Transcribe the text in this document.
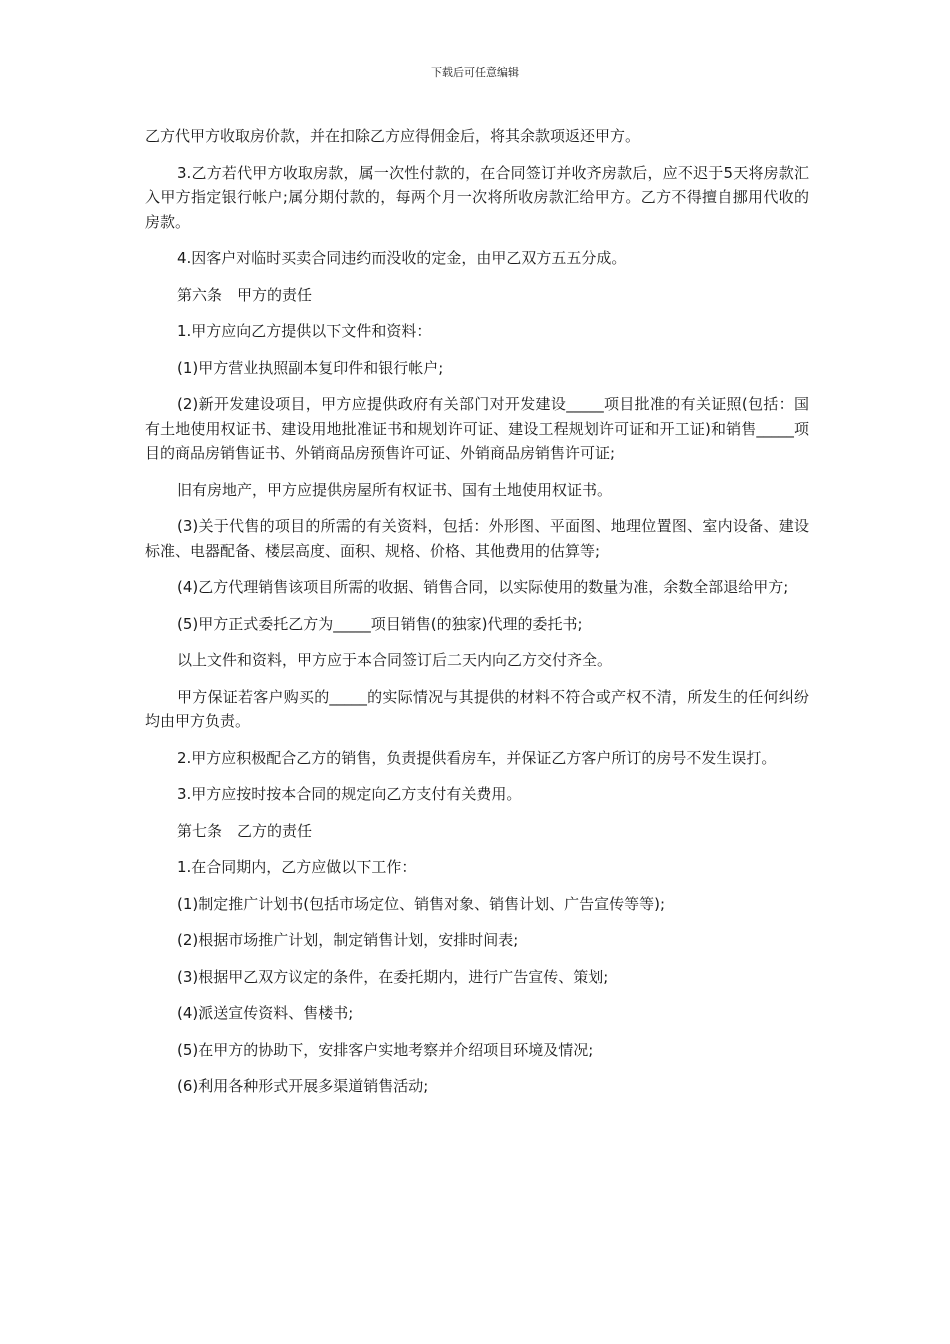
下载后可任意编辑

乙方代甲方收取房价款，并在扣除乙方应得佣金后，将其余款项返还甲方。

3.乙方若代甲方收取房款，属一次性付款的，在合同签订并收齐房款后，应不迟于5天将房款汇入甲方指定银行帐户;属分期付款的，每两个月一次将所收房款汇给甲方。乙方不得擅自挪用代收的房款。

4.因客户对临时买卖合同违约而没收的定金，由甲乙双方五五分成。

第六条　甲方的责任

1.甲方应向乙方提供以下文件和资料：

(1)甲方营业执照副本复印件和银行帐户;

(2)新开发建设项目，甲方应提供政府有关部门对开发建设_____项目批准的有关证照(包括：国有土地使用权证书、建设用地批准证书和规划许可证、建设工程规划许可证和开工证)和销售_____项目的商品房销售证书、外销商品房预售许可证、外销商品房销售许可证;

旧有房地产，甲方应提供房屋所有权证书、国有土地使用权证书。

(3)关于代售的项目的所需的有关资料，包括：外形图、平面图、地理位置图、室内设备、建设标准、电器配备、楼层高度、面积、规格、价格、其他费用的估算等;

(4)乙方代理销售该项目所需的收据、销售合同，以实际使用的数量为准，余数全部退给甲方;

(5)甲方正式委托乙方为_____项目销售(的独家)代理的委托书;

以上文件和资料，甲方应于本合同签订后二天内向乙方交付齐全。

甲方保证若客户购买的_____的实际情况与其提供的材料不符合或产权不清，所发生的任何纠纷均由甲方负责。

2.甲方应积极配合乙方的销售，负责提供看房车，并保证乙方客户所订的房号不发生误打。

3.甲方应按时按本合同的规定向乙方支付有关费用。

第七条　乙方的责任

1.在合同期内，乙方应做以下工作：

(1)制定推广计划书(包括市场定位、销售对象、销售计划、广告宣传等等);

(2)根据市场推广计划，制定销售计划，安排时间表;

(3)根据甲乙双方议定的条件，在委托期内，进行广告宣传、策划;

(4)派送宣传资料、售楼书;

(5)在甲方的协助下，安排客户实地考察并介绍项目环境及情况;

(6)利用各种形式开展多渠道销售活动;
